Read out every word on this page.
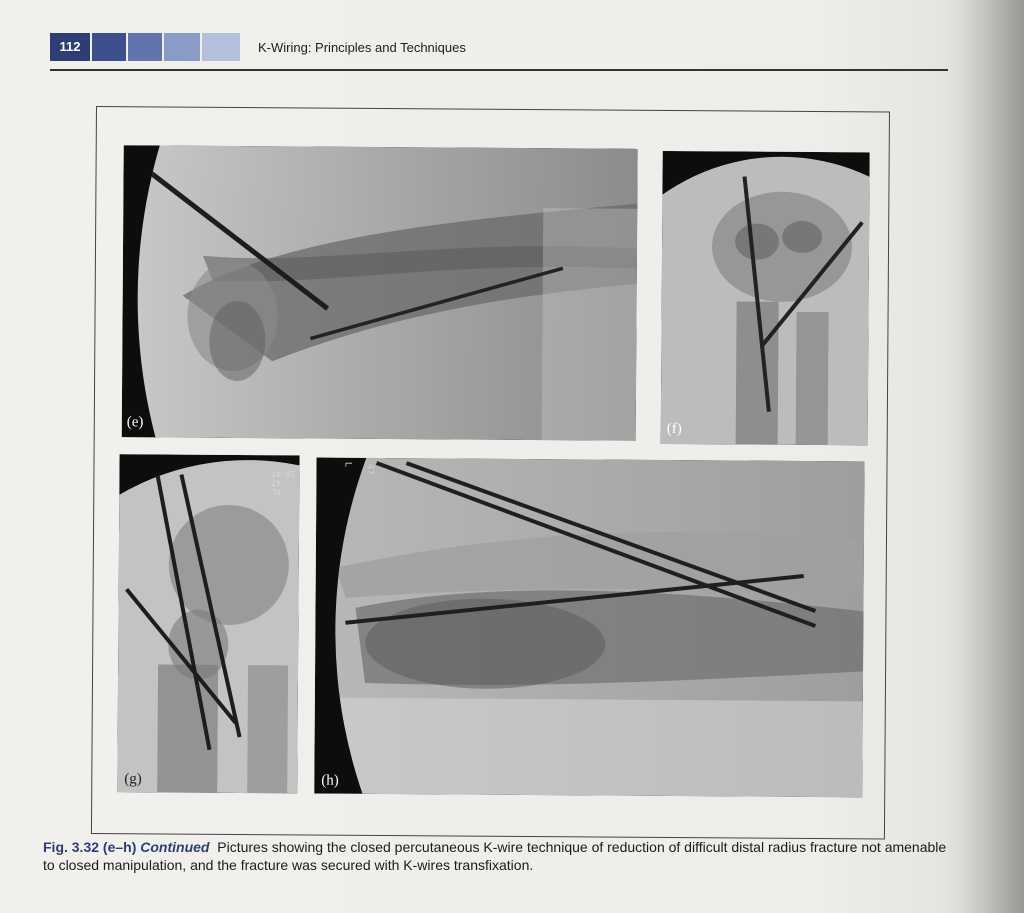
112	K-Wiring: Principles and Techniques
(e)	(f)
AL
47
16:47
(g)
47
L
(h)
Fig. 3.32 (e–h) Continued Pictures showing the closed percutaneous K-wire technique of reduction of difficult distal radius fracture not amenable to closed manipulation, and the fracture was secured with K-wires transfixation.
